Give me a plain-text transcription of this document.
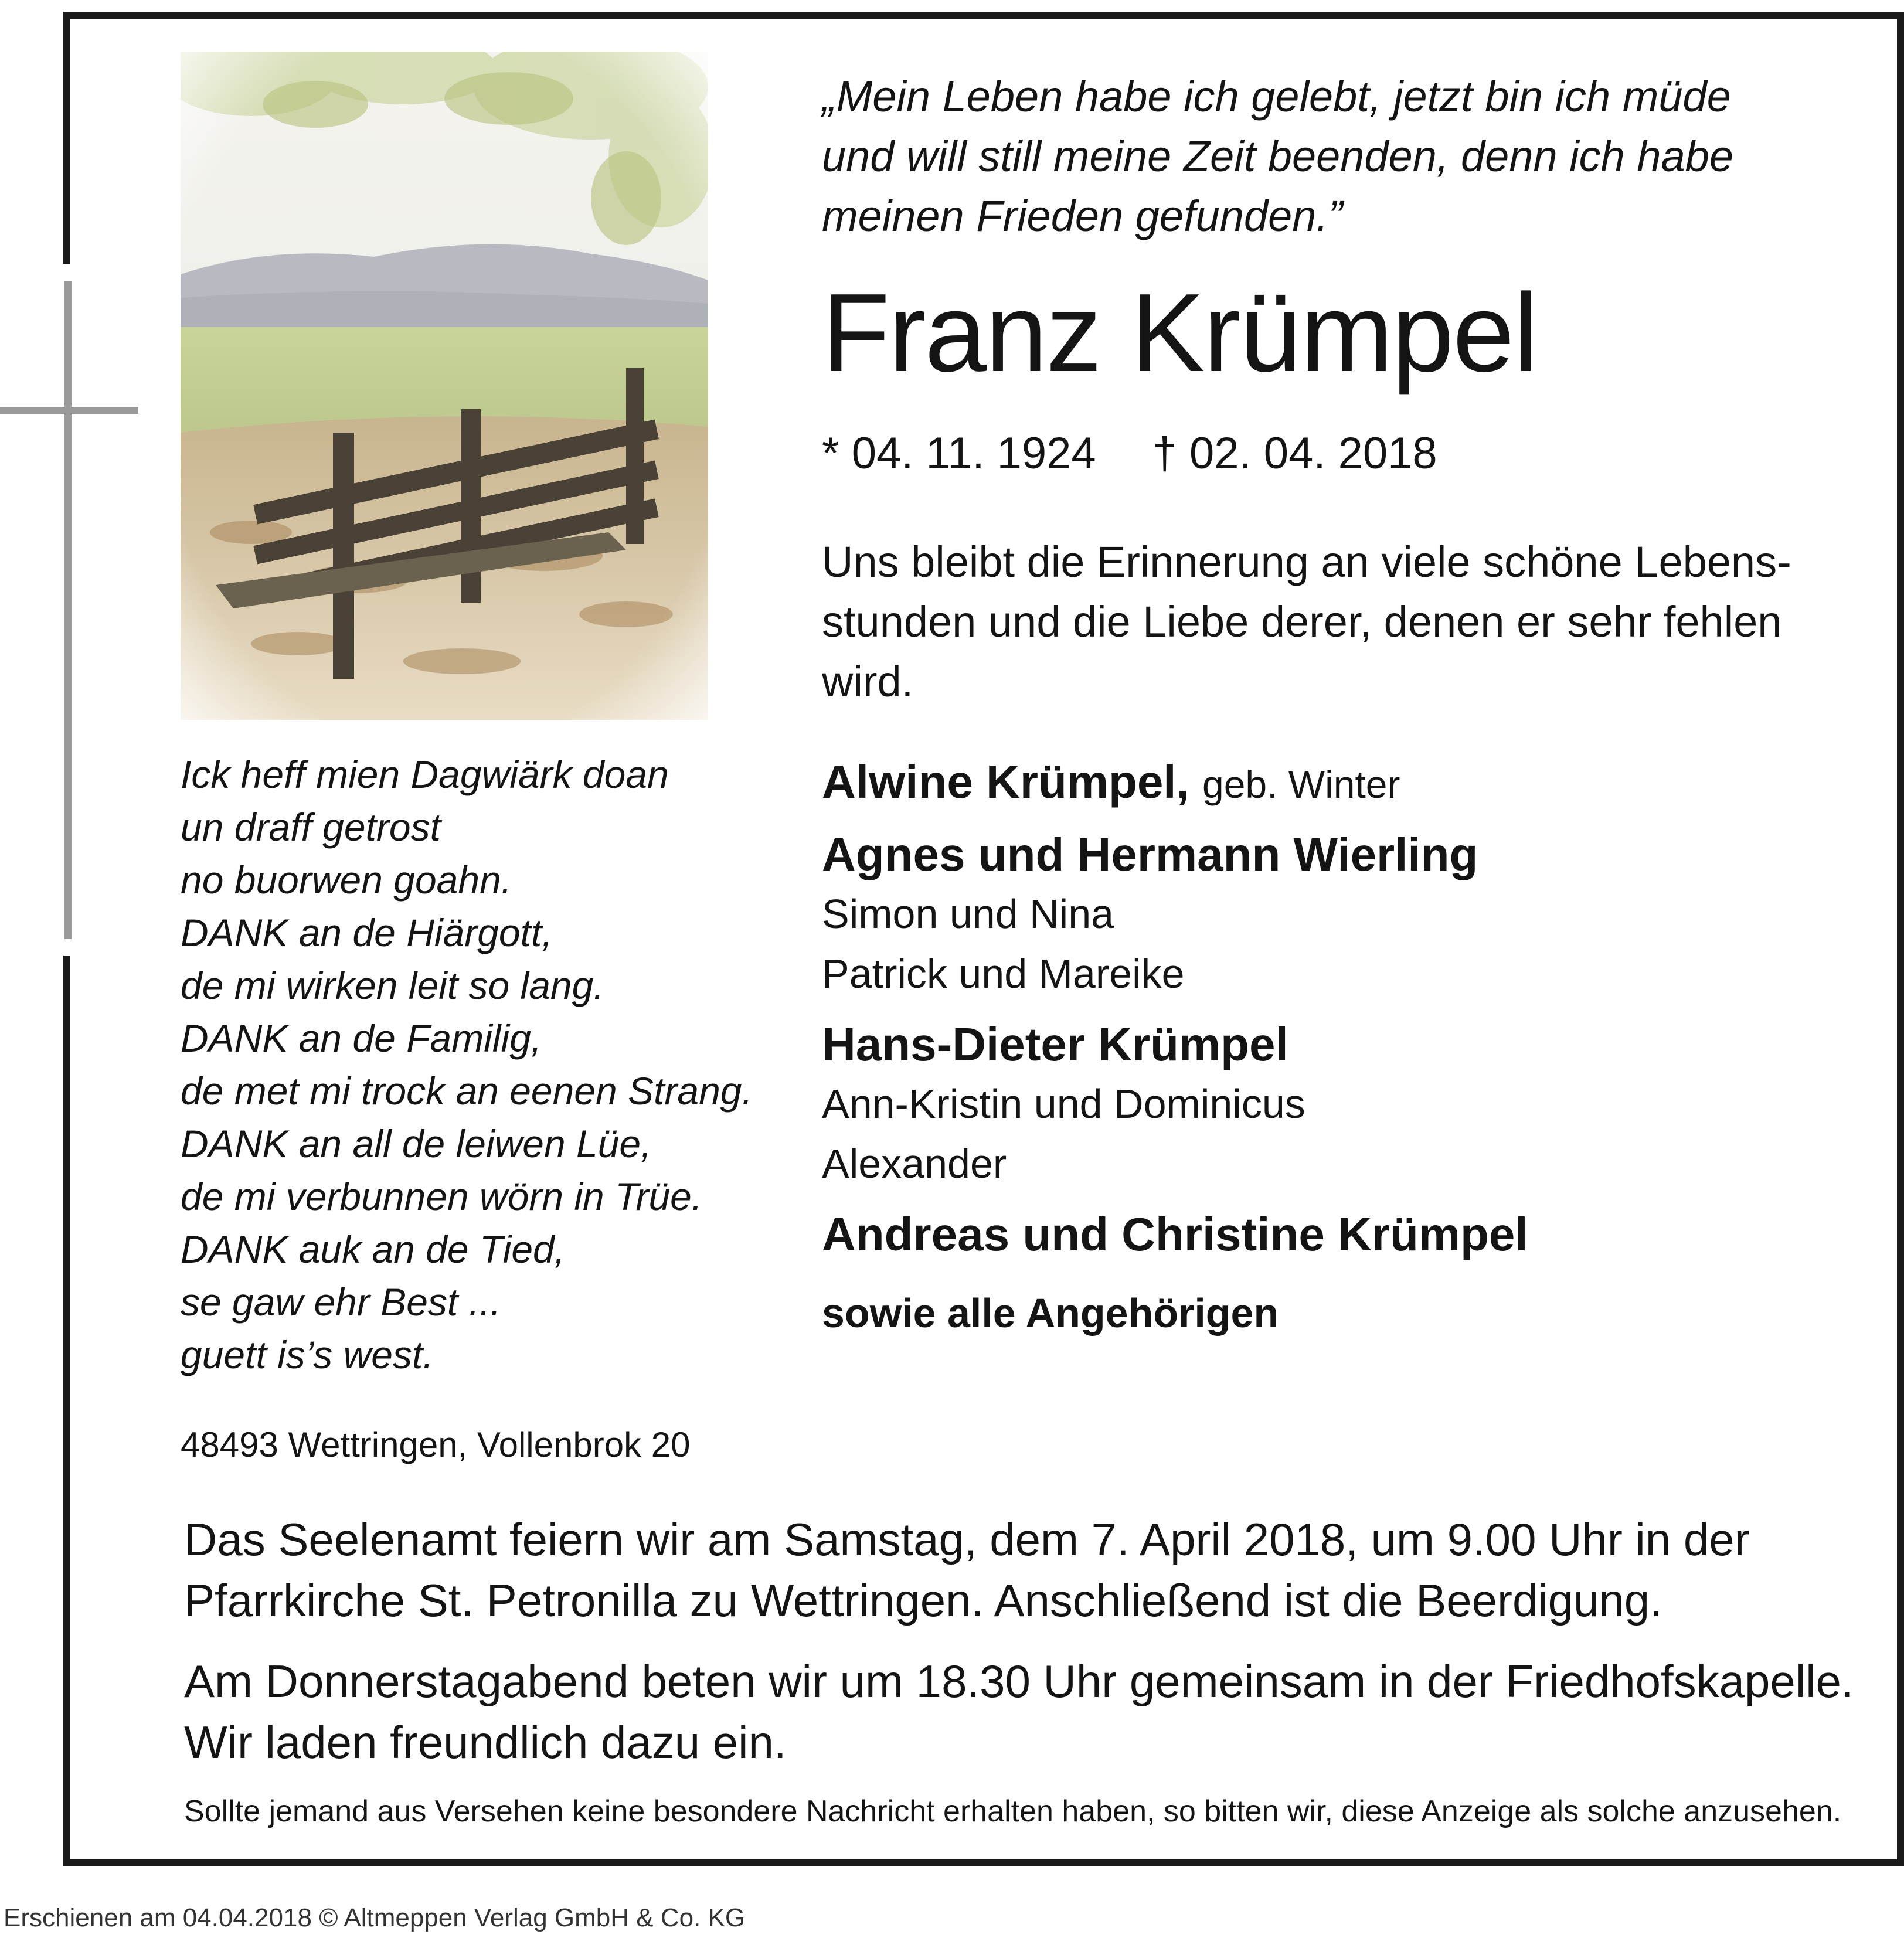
„Mein Leben habe ich gelebt, jetzt bin ich müde
und will still meine Zeit beenden, denn ich habe
meinen Frieden gefunden.”
Franz Krümpel
* 04. 11. 1924 † 02. 04. 2018
Uns bleibt die Erinnerung an viele schöne Lebens-
stunden und die Liebe derer, denen er sehr fehlen
wird.
Alwine Krümpel, geb. Winter
Agnes und Hermann Wierling
Simon und Nina
Patrick und Mareike
Hans-Dieter Krümpel
Ann-Kristin und Dominicus
Alexander
Andreas und Christine Krümpel
sowie alle Angehörigen
Ick heff mien Dagwiärk doan
un draff getrost
no buorwen goahn.
DANK an de Hiärgott,
de mi wirken leit so lang.
DANK an de Familig,
de met mi trock an eenen Strang.
DANK an all de leiwen Lüe,
de mi verbunnen wörn in Trüe.
DANK auk an de Tied,
se gaw ehr Best ...
guett is’s west.
48493 Wettringen, Vollenbrok 20
Das Seelenamt feiern wir am Samstag, dem 7. April 2018, um 9.00 Uhr in der
Pfarrkirche St. Petronilla zu Wettringen. Anschließend ist die Beerdigung.
Am Donnerstagabend beten wir um 18.30 Uhr gemeinsam in der Friedhofskapelle.
Wir laden freundlich dazu ein.
Sollte jemand aus Versehen keine besondere Nachricht erhalten haben, so bitten wir, diese Anzeige als solche anzusehen.
Erschienen am 04.04.2018 © Altmeppen Verlag GmbH & Co. KG
